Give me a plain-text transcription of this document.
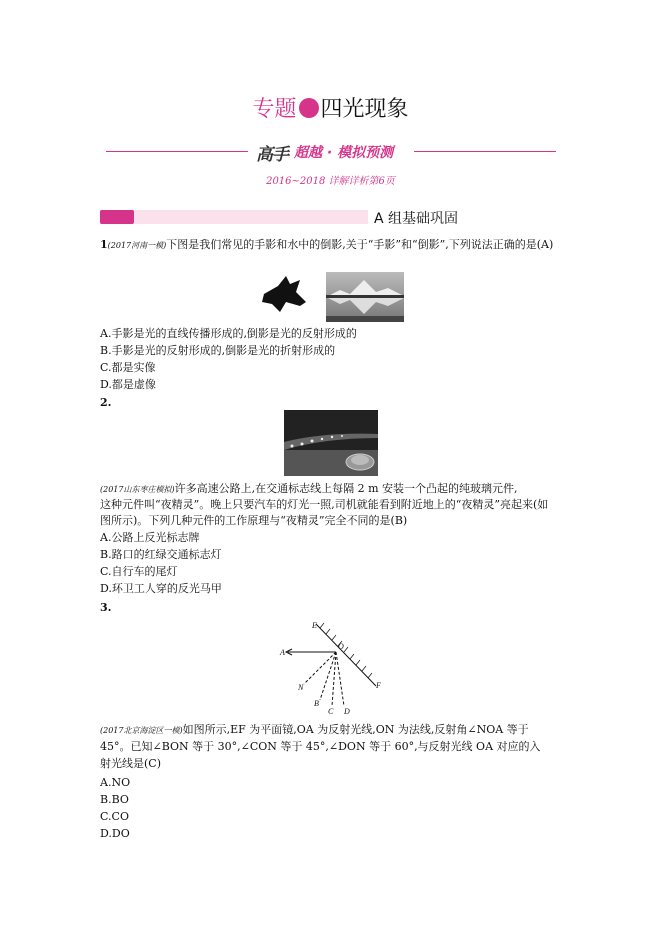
专题 四光现象
高手 超越 · 模拟预测
2016~2018 详解详析第6页
A 组基础巩固
1(2017河南一模)下图是我们常见的手影和水中的倒影,关于“手影”和“倒影”,下列说法正确的是(A)
A.手影是光的直线传播形成的,倒影是光的反射形成的
B.手影是光的反射形成的,倒影是光的折射形成的
C.都是实像
D.都是虚像
2.
(2017山东枣庄模拟)许多高速公路上,在交通标志线上每隔 2 m 安装一个凸起的纯玻璃元件,
这种元件叫“夜精灵”。晚上只要汽车的灯光一照,司机就能看到附近地上的“夜精灵”亮起来(如
图所示)。下列几种元件的工作原理与“夜精灵”完全不同的是(B)
A.公路上反光标志牌
B.路口的红绿交通标志灯
C.自行车的尾灯
D.环卫工人穿的反光马甲
3.
E
F
A
O
N
B
C D
(2017北京海淀区一模)如图所示,EF 为平面镜,OA 为反射光线,ON 为法线,反射角∠NOA 等于
45°。已知∠BON 等于 30°,∠CON 等于 45°,∠DON 等于 60°,与反射光线 OA 对应的入
射光线是(C)
A.NO
B.BO
C.CO
D.DO
